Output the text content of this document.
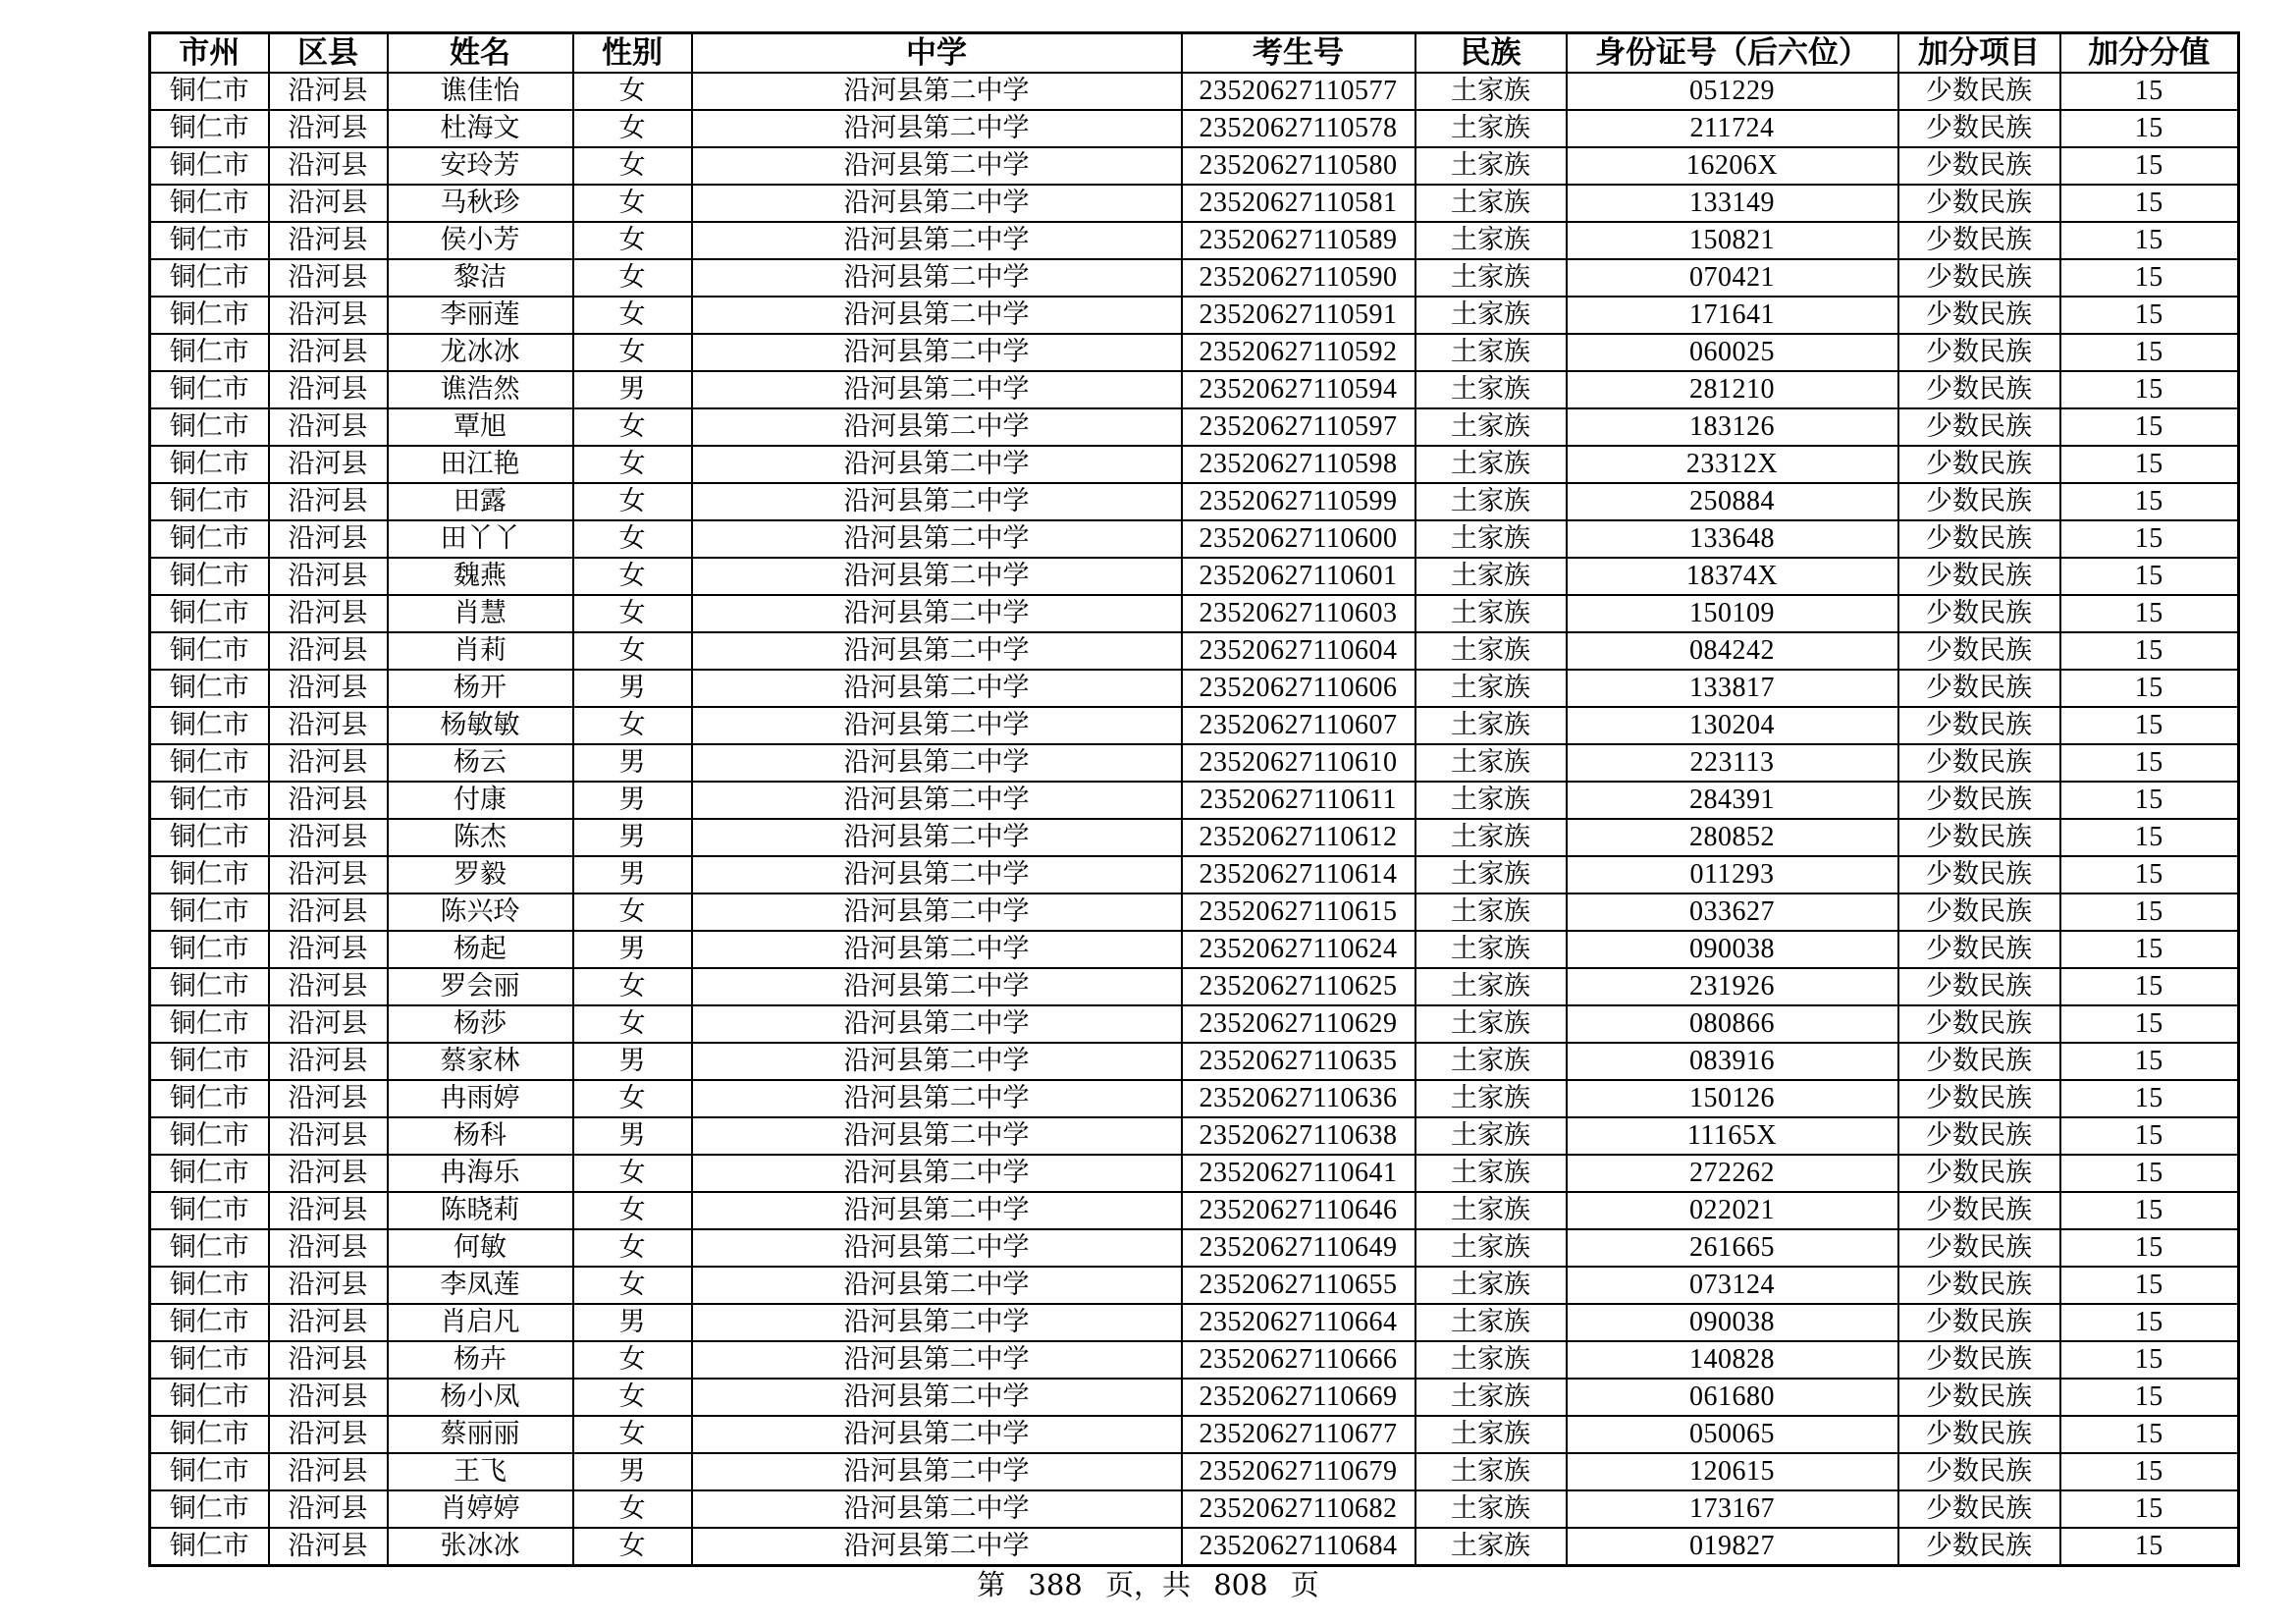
市州	区县	姓名	性别	中学	考生号	民族	身份证号（后六位）	加分项目	加分分值
铜仁市	沿河县	谯佳怡	女	沿河县第二中学	23520627110577	土家族	051229	少数民族	15
铜仁市	沿河县	杜海文	女	沿河县第二中学	23520627110578	土家族	211724	少数民族	15
铜仁市	沿河县	安玲芳	女	沿河县第二中学	23520627110580	土家族	16206X	少数民族	15
铜仁市	沿河县	马秋珍	女	沿河县第二中学	23520627110581	土家族	133149	少数民族	15
铜仁市	沿河县	侯小芳	女	沿河县第二中学	23520627110589	土家族	150821	少数民族	15
铜仁市	沿河县	黎洁	女	沿河县第二中学	23520627110590	土家族	070421	少数民族	15
铜仁市	沿河县	李丽莲	女	沿河县第二中学	23520627110591	土家族	171641	少数民族	15
铜仁市	沿河县	龙冰冰	女	沿河县第二中学	23520627110592	土家族	060025	少数民族	15
铜仁市	沿河县	谯浩然	男	沿河县第二中学	23520627110594	土家族	281210	少数民族	15
铜仁市	沿河县	覃旭	女	沿河县第二中学	23520627110597	土家族	183126	少数民族	15
铜仁市	沿河县	田江艳	女	沿河县第二中学	23520627110598	土家族	23312X	少数民族	15
铜仁市	沿河县	田露	女	沿河县第二中学	23520627110599	土家族	250884	少数民族	15
铜仁市	沿河县	田丫丫	女	沿河县第二中学	23520627110600	土家族	133648	少数民族	15
铜仁市	沿河县	魏燕	女	沿河县第二中学	23520627110601	土家族	18374X	少数民族	15
铜仁市	沿河县	肖慧	女	沿河县第二中学	23520627110603	土家族	150109	少数民族	15
铜仁市	沿河县	肖莉	女	沿河县第二中学	23520627110604	土家族	084242	少数民族	15
铜仁市	沿河县	杨开	男	沿河县第二中学	23520627110606	土家族	133817	少数民族	15
铜仁市	沿河县	杨敏敏	女	沿河县第二中学	23520627110607	土家族	130204	少数民族	15
铜仁市	沿河县	杨云	男	沿河县第二中学	23520627110610	土家族	223113	少数民族	15
铜仁市	沿河县	付康	男	沿河县第二中学	23520627110611	土家族	284391	少数民族	15
铜仁市	沿河县	陈杰	男	沿河县第二中学	23520627110612	土家族	280852	少数民族	15
铜仁市	沿河县	罗毅	男	沿河县第二中学	23520627110614	土家族	011293	少数民族	15
铜仁市	沿河县	陈兴玲	女	沿河县第二中学	23520627110615	土家族	033627	少数民族	15
铜仁市	沿河县	杨起	男	沿河县第二中学	23520627110624	土家族	090038	少数民族	15
铜仁市	沿河县	罗会丽	女	沿河县第二中学	23520627110625	土家族	231926	少数民族	15
铜仁市	沿河县	杨莎	女	沿河县第二中学	23520627110629	土家族	080866	少数民族	15
铜仁市	沿河县	蔡家林	男	沿河县第二中学	23520627110635	土家族	083916	少数民族	15
铜仁市	沿河县	冉雨婷	女	沿河县第二中学	23520627110636	土家族	150126	少数民族	15
铜仁市	沿河县	杨科	男	沿河县第二中学	23520627110638	土家族	11165X	少数民族	15
铜仁市	沿河县	冉海乐	女	沿河县第二中学	23520627110641	土家族	272262	少数民族	15
铜仁市	沿河县	陈晓莉	女	沿河县第二中学	23520627110646	土家族	022021	少数民族	15
铜仁市	沿河县	何敏	女	沿河县第二中学	23520627110649	土家族	261665	少数民族	15
铜仁市	沿河县	李凤莲	女	沿河县第二中学	23520627110655	土家族	073124	少数民族	15
铜仁市	沿河县	肖启凡	男	沿河县第二中学	23520627110664	土家族	090038	少数民族	15
铜仁市	沿河县	杨卉	女	沿河县第二中学	23520627110666	土家族	140828	少数民族	15
铜仁市	沿河县	杨小凤	女	沿河县第二中学	23520627110669	土家族	061680	少数民族	15
铜仁市	沿河县	蔡丽丽	女	沿河县第二中学	23520627110677	土家族	050065	少数民族	15
铜仁市	沿河县	王飞	男	沿河县第二中学	23520627110679	土家族	120615	少数民族	15
铜仁市	沿河县	肖婷婷	女	沿河县第二中学	23520627110682	土家族	173167	少数民族	15
铜仁市	沿河县	张冰冰	女	沿河县第二中学	23520627110684	土家族	019827	少数民族	15
第 388 页，共 808 页
